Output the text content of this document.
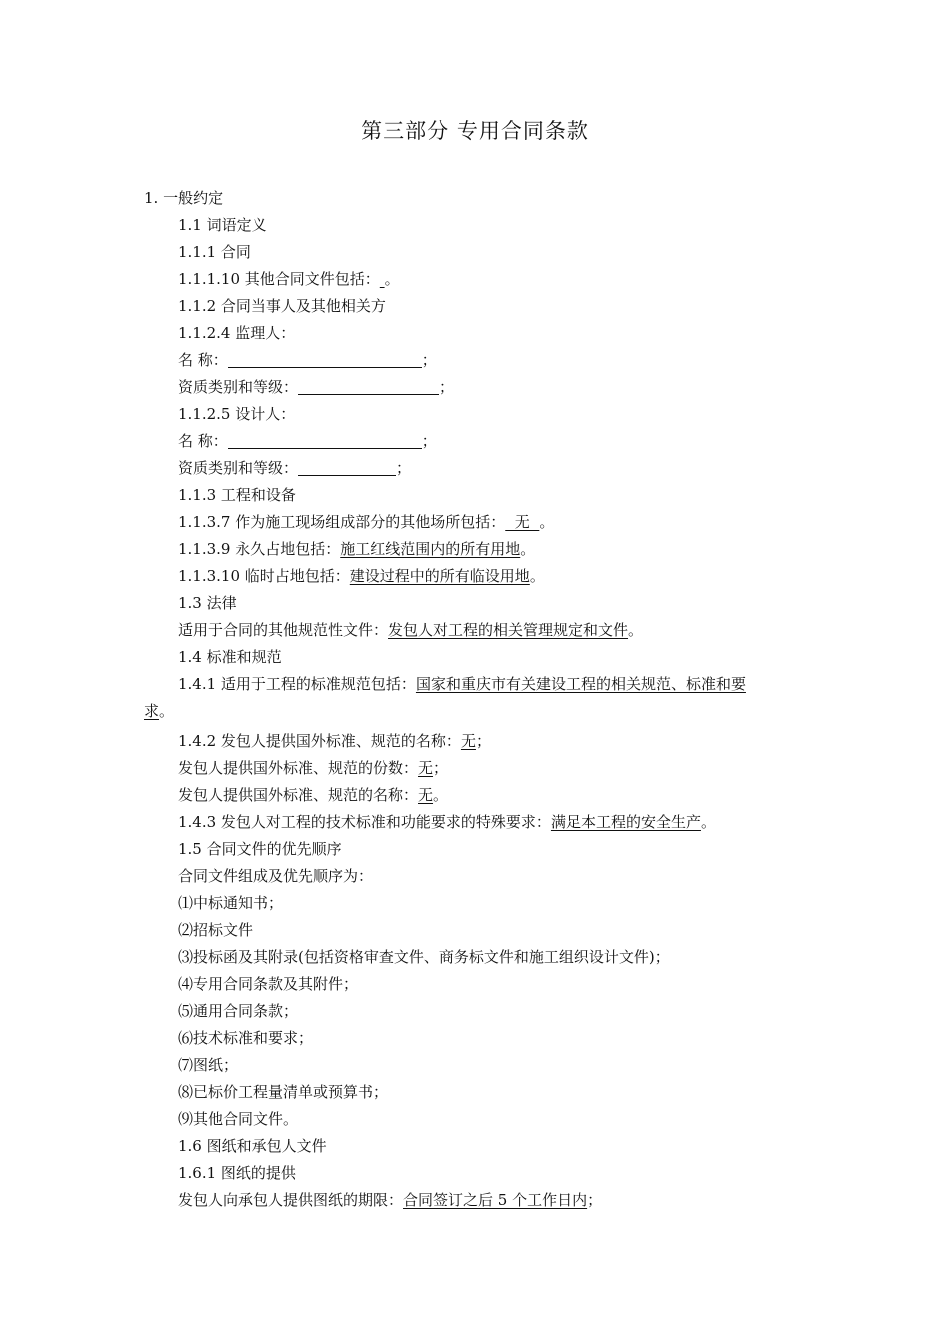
第三部分 专用合同条款
1. 一般约定
1.1 词语定义
1.1.1 合同
1.1.1.10 其他合同文件包括： 。
1.1.2 合同当事人及其他相关方
1.1.2.4 监理人：
名 称：	；
资质类别和等级：	；
1.1.2.5 设计人：
名 称：	；
资质类别和等级：	；
1.1.3 工程和设备
1.1.3.7 作为施工现场组成部分的其他场所包括：  无  。
1.1.3.9 永久占地包括：施工红线范围内的所有用地。
1.1.3.10 临时占地包括：建设过程中的所有临设用地。
1.3 法律
适用于合同的其他规范性文件：发包人对工程的相关管理规定和文件。
1.4 标准和规范
1.4.1 适用于工程的标准规范包括：国家和重庆市有关建设工程的相关规范、标准和要
求。
1.4.2 发包人提供国外标准、规范的名称：无；
发包人提供国外标准、规范的份数：无；
发包人提供国外标准、规范的名称：无。
1.4.3 发包人对工程的技术标准和功能要求的特殊要求：满足本工程的安全生产。
1.5 合同文件的优先顺序
合同文件组成及优先顺序为：
⑴中标通知书；
⑵招标文件
⑶投标函及其附录(包括资格审查文件、商务标文件和施工组织设计文件)；
⑷专用合同条款及其附件；
⑸通用合同条款；
⑹技术标准和要求；
⑺图纸；
⑻已标价工程量清单或预算书；
⑼其他合同文件。
1.6 图纸和承包人文件
1.6.1 图纸的提供
发包人向承包人提供图纸的期限：合同签订之后 5 个工作日内；
